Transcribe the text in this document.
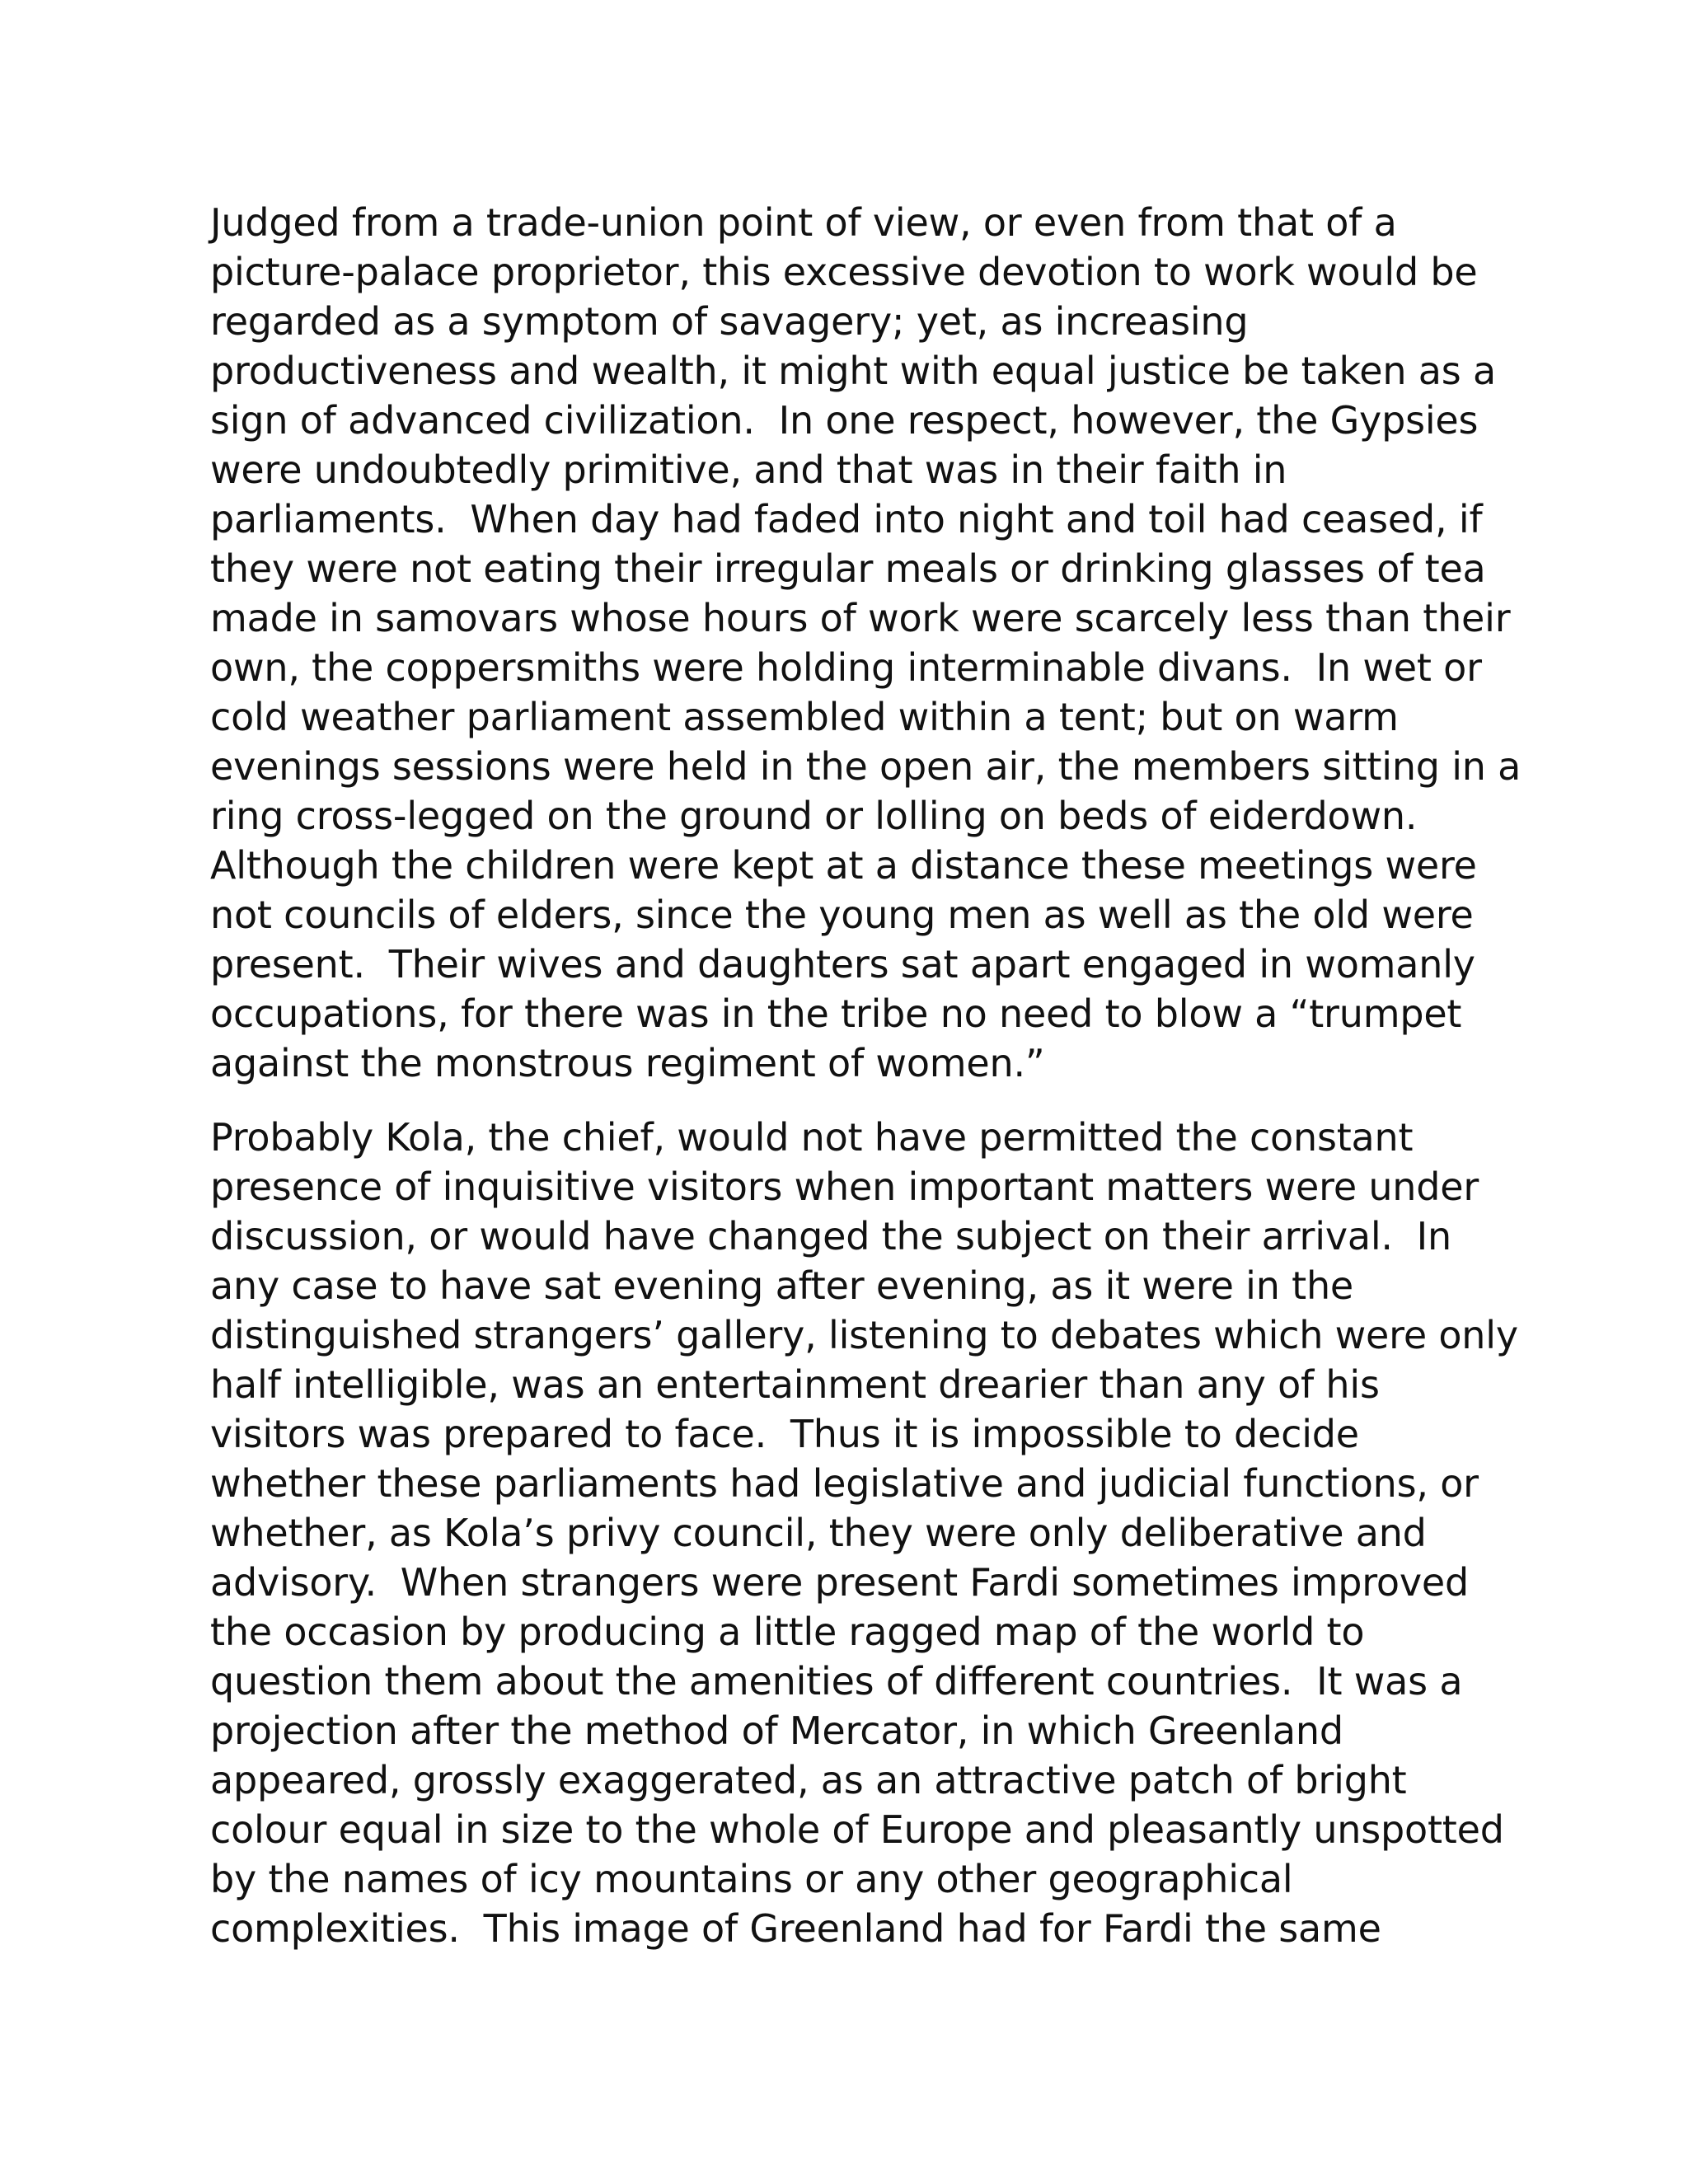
Judged from a trade-union point of view, or even from that of a
picture-palace proprietor, this excessive devotion to work would be
regarded as a symptom of savagery; yet, as increasing
productiveness and wealth, it might with equal justice be taken as a
sign of advanced civilization.  In one respect, however, the Gypsies
were undoubtedly primitive, and that was in their faith in
parliaments.  When day had faded into night and toil had ceased, if
they were not eating their irregular meals or drinking glasses of tea
made in samovars whose hours of work were scarcely less than their
own, the coppersmiths were holding interminable divans.  In wet or
cold weather parliament assembled within a tent; but on warm
evenings sessions were held in the open air, the members sitting in a
ring cross-legged on the ground or lolling on beds of eiderdown.
Although the children were kept at a distance these meetings were
not councils of elders, since the young men as well as the old were
present.  Their wives and daughters sat apart engaged in womanly
occupations, for there was in the tribe no need to blow a “trumpet
against the monstrous regiment of women.”
Probably Kola, the chief, would not have permitted the constant
presence of inquisitive visitors when important matters were under
discussion, or would have changed the subject on their arrival.  In
any case to have sat evening after evening, as it were in the
distinguished strangers’ gallery, listening to debates which were only
half intelligible, was an entertainment drearier than any of his
visitors was prepared to face.  Thus it is impossible to decide
whether these parliaments had legislative and judicial functions, or
whether, as Kola’s privy council, they were only deliberative and
advisory.  When strangers were present Fardi sometimes improved
the occasion by producing a little ragged map of the world to
question them about the amenities of different countries.  It was a
projection after the method of Mercator, in which Greenland
appeared, grossly exaggerated, as an attractive patch of bright
colour equal in size to the whole of Europe and pleasantly unspotted
by the names of icy mountains or any other geographical
complexities.  This image of Greenland had for Fardi the same
